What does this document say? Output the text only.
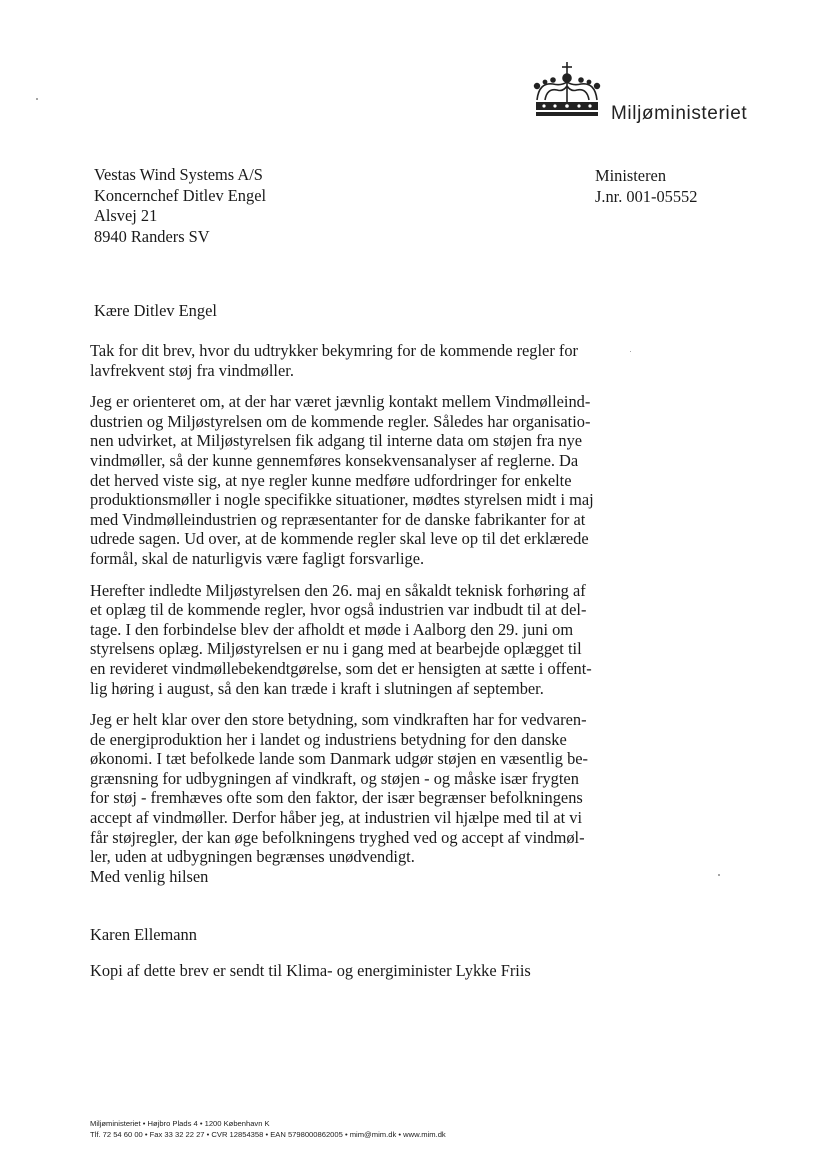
Miljøministeriet
Vestas Wind Systems A/S
Koncernchef Ditlev Engel
Alsvej 21
8940 Randers SV
Ministeren
J.nr. 001-05552
Kære Ditlev Engel
Tak for dit brev, hvor du udtrykker bekymring for de kommende regler for
lavfrekvent støj fra vindmøller.
Jeg er orienteret om, at der har været jævnlig kontakt mellem Vindmølleind-
dustrien og Miljøstyrelsen om de kommende regler. Således har organisatio-
nen udvirket, at Miljøstyrelsen fik adgang til interne data om støjen fra nye
vindmøller, så der kunne gennemføres konsekvensanalyser af reglerne. Da
det herved viste sig, at nye regler kunne medføre udfordringer for enkelte
produktionsmøller i nogle specifikke situationer, mødtes styrelsen midt i maj
med Vindmølleindustrien og repræsentanter for de danske fabrikanter for at
udrede sagen. Ud over, at de kommende regler skal leve op til det erklærede
formål, skal de naturligvis være fagligt forsvarlige.
Herefter indledte Miljøstyrelsen den 26. maj en såkaldt teknisk forhøring af
et oplæg til de kommende regler, hvor også industrien var indbudt til at del-
tage. I den forbindelse blev der afholdt et møde i Aalborg den 29. juni om
styrelsens oplæg. Miljøstyrelsen er nu i gang med at bearbejde oplægget til
en revideret vindmøllebekendtgørelse, som det er hensigten at sætte i offent-
lig høring i august, så den kan træde i kraft i slutningen af september.
Jeg er helt klar over den store betydning, som vindkraften har for vedvaren-
de energiproduktion her i landet og industriens betydning for den danske
økonomi. I tæt befolkede lande som Danmark udgør støjen en væsentlig be-
grænsning for udbygningen af vindkraft, og støjen - og måske især frygten
for støj - fremhæves ofte som den faktor, der især begrænser befolkningens
accept af vindmøller. Derfor håber jeg, at industrien vil hjælpe med til at vi
får støjregler, der kan øge befolkningens tryghed ved og accept af vindmøl-
ler, uden at udbygningen begrænses unødvendigt.
Med venlig hilsen
Karen Ellemann
Kopi af dette brev er sendt til Klima- og energiminister Lykke Friis
Miljøministeriet • Højbro Plads 4 • 1200 København K
Tlf. 72 54 60 00 • Fax 33 32 22 27 • CVR 12854358 • EAN 5798000862005 • mim@mim.dk • www.mim.dk
